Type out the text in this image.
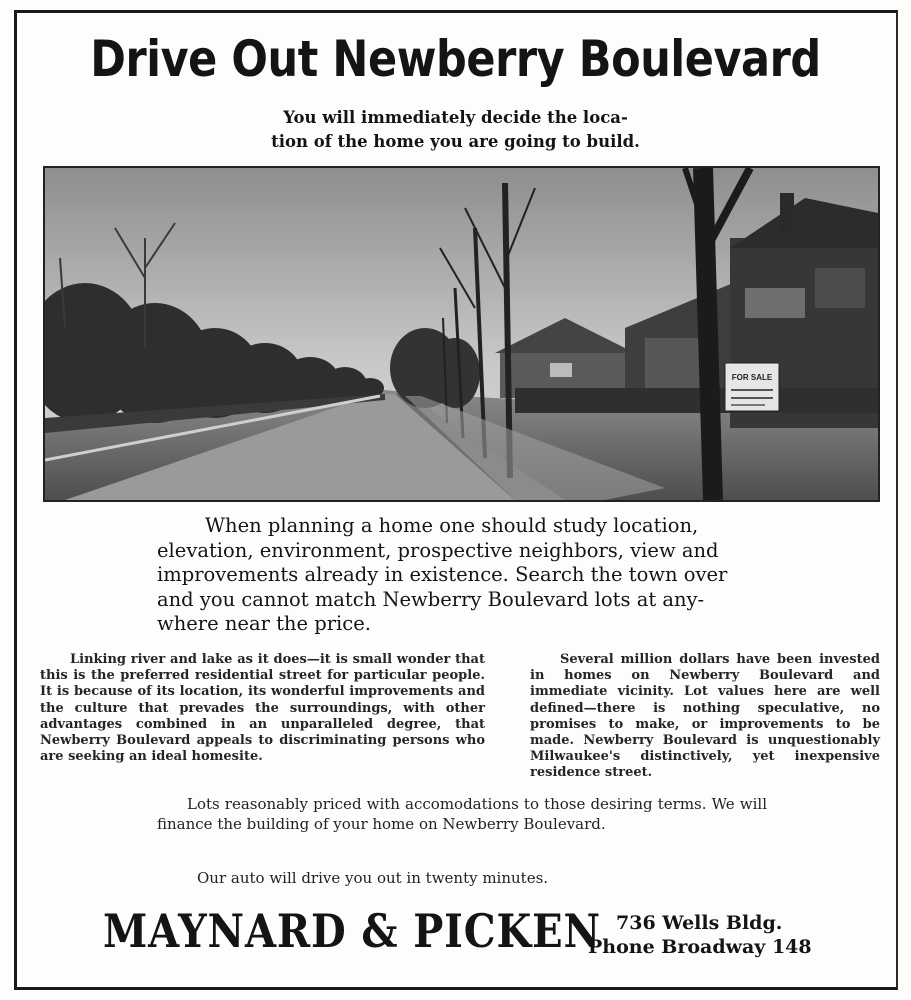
Drive Out Newberry Boulevard
You will immediately decide the loca-
tion of the home you are going to build.
FOR SALE
When planning a home one should study location,
elevation, environment, prospective neighbors, view and
improvements already in existence. Search the town over
and you cannot match Newberry Boulevard lots at any-
where near the price.
Linking river and lake as it does—it is small wonder that this is the preferred residential street for particular people. It is because of its location, its wonderful improvements and the culture that prevades the surroundings, with other advantages combined in an unparalleled degree, that Newberry Boulevard appeals to discriminating persons who are seeking an ideal homesite.
Several million dollars have been invested in homes on Newberry Boulevard and immediate vicinity. Lot values here are well defined—there is nothing speculative, no promises to make, or improvements to be made. Newberry Boulevard is unquestionably Milwaukee's distinctively, yet inexpensive residence street.
Lots reasonably priced with accomodations to those desiring terms. We will finance the building of your home on Newberry Boulevard.
Our auto will drive you out in twenty minutes.
MAYNARD & PICKEN 736 Wells Bldg.
Phone Broadway 148
